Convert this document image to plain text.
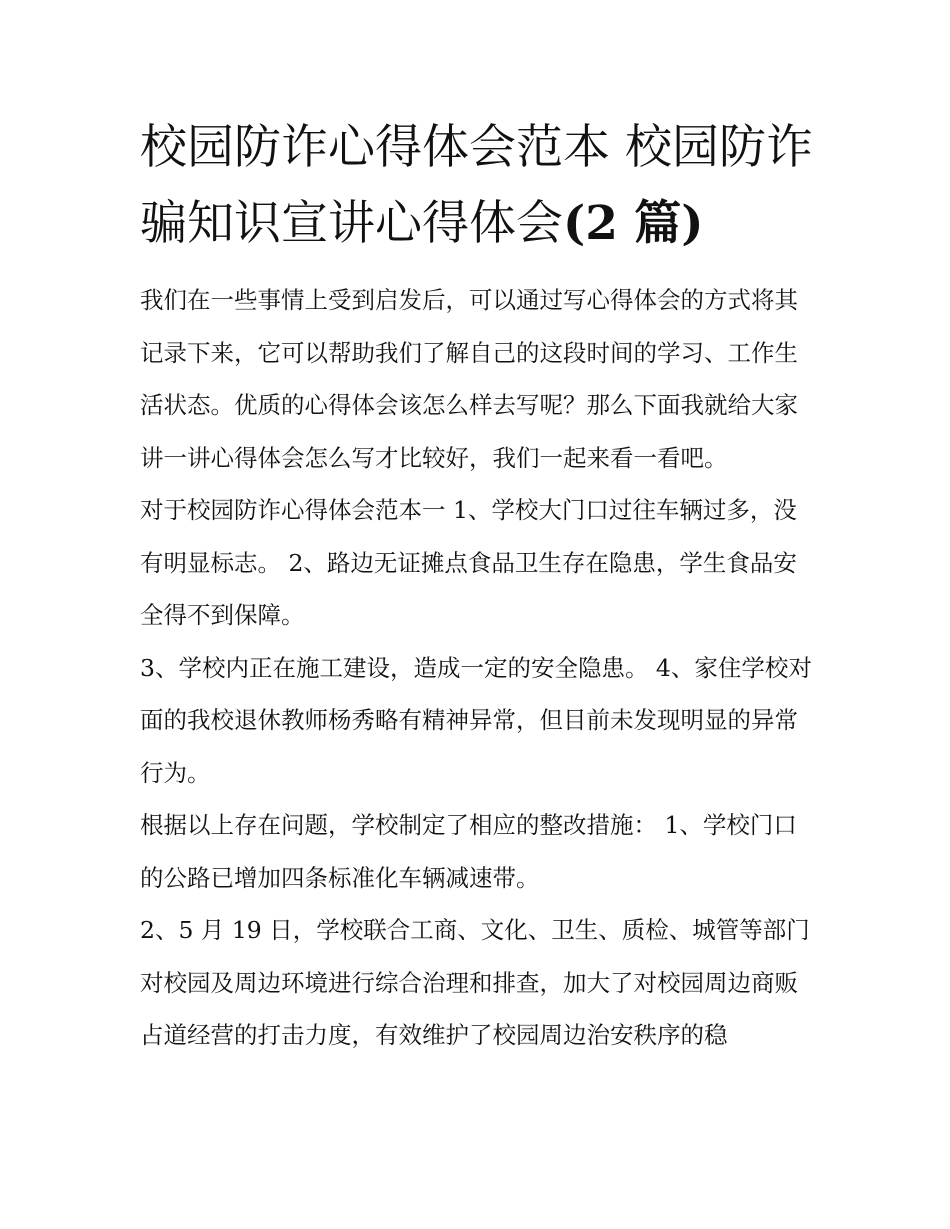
校园防诈心得体会范本 校园防诈骗知识宣讲心得体会(2 篇)

我们在一些事情上受到启发后，可以通过写心得体会的方式将其记录下来，它可以帮助我们了解自己的这段时间的学习、工作生活状态。优质的心得体会该怎么样去写呢？那么下面我就给大家讲一讲心得体会怎么写才比较好，我们一起来看一看吧。

对于校园防诈心得体会范本一 1、学校大门口过往车辆过多，没有明显标志。 2、路边无证摊点食品卫生存在隐患，学生食品安全得不到保障。

3、学校内正在施工建设，造成一定的安全隐患。 4、家住学校对面的我校退休教师杨秀略有精神异常，但目前未发现明显的异常行为。

根据以上存在问题，学校制定了相应的整改措施： 1、学校门口的公路已增加四条标准化车辆减速带。

2、5 月 19 日，学校联合工商、文化、卫生、质检、城管等部门对校园及周边环境进行综合治理和排查，加大了对校园周边商贩占道经营的打击力度，有效维护了校园周边治安秩序的稳
